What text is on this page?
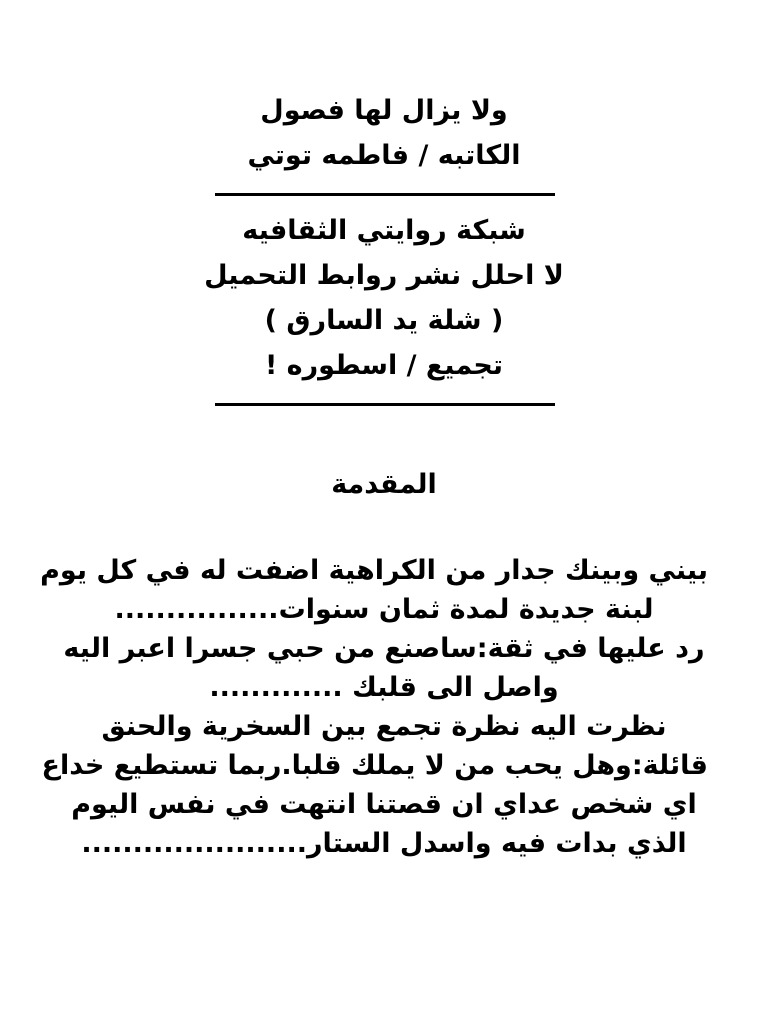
ولا يزال لها فصول
الكاتبه / فاطمه توتي
شبكة روايتي الثقافيه
لا احلل نشر روابط التحميل
( شلة يد السارق )
تجميع / اسطوره !
المقدمة
بيني وبينك جدار من الكراهية اضفت له في كل يوم
لبنة جديدة لمدة ثمان سنوات................
رد عليها في ثقة:ساصنع من حبي جسرا اعبر اليه
واصل الى قلبك .............
نظرت اليه نظرة تجمع بين السخرية والحنق
قائلة:وهل يحب من لا يملك قلبا.ربما تستطيع خداع
اي شخص عداي ان قصتنا انتهت في نفس اليوم
الذي بدات فيه واسدل الستار......................
